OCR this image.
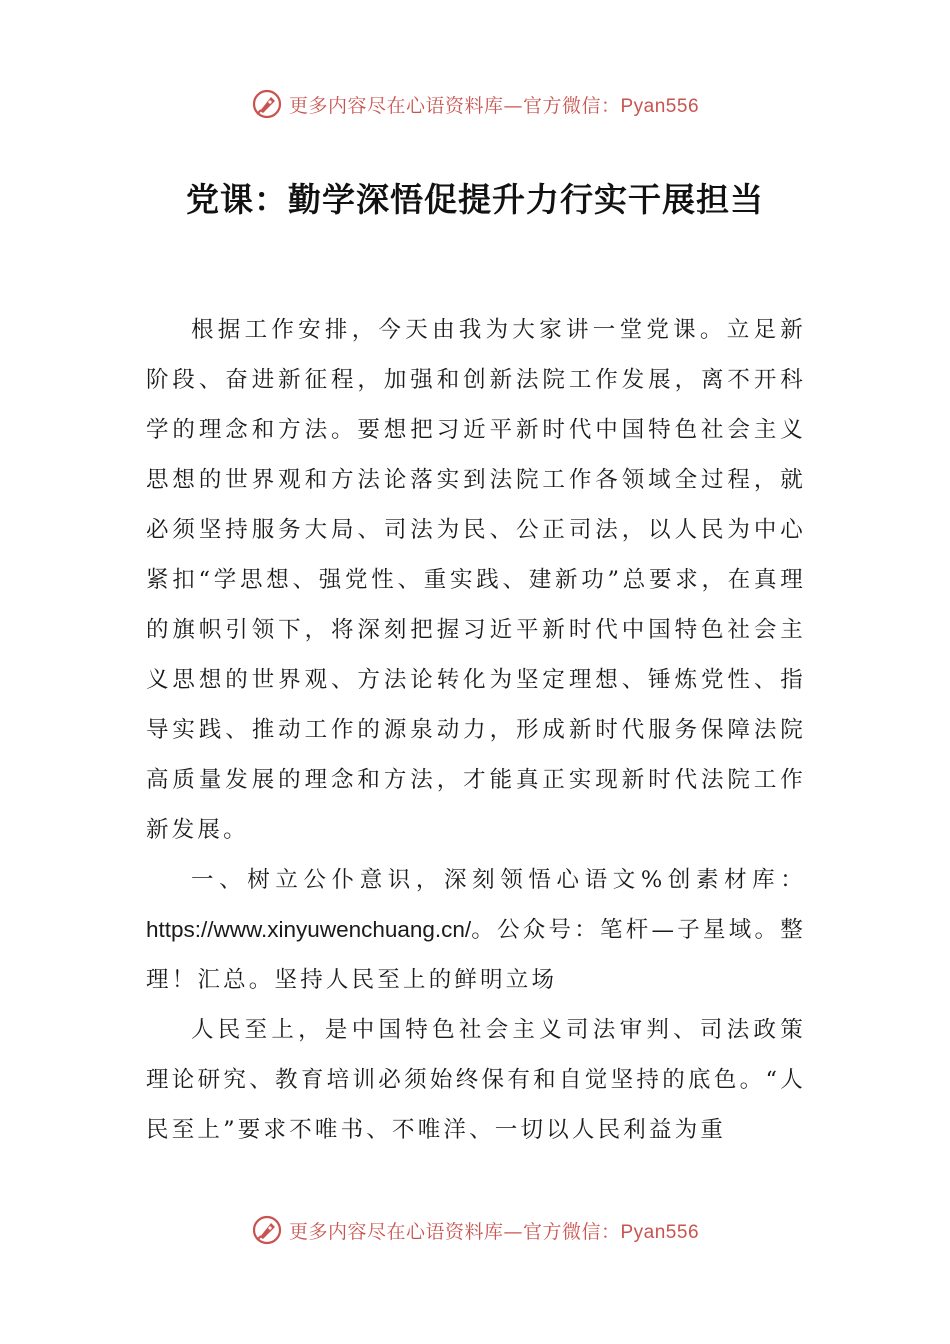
更多内容尽在心语资料库—官方微信：Pyan556
党课：勤学深悟促提升力行实干展担当

根据工作安排，今天由我为大家讲一堂党课。立足新阶段、奋进新征程，加强和创新法院工作发展，离不开科学的理念和方法。要想把习近平新时代中国特色社会主义思想的世界观和方法论落实到法院工作各领域全过程，就必须坚持服务大局、司法为民、公正司法，以人民为中心紧扣“学思想、强党性、重实践、建新功”总要求，在真理的旗帜引领下，将深刻把握习近平新时代中国特色社会主义思想的世界观、方法论转化为坚定理想、锤炼党性、指导实践、推动工作的源泉动力，形成新时代服务保障法院高质量发展的理念和方法，才能真正实现新时代法院工作新发展。

一、树立公仆意识，深刻领悟心语文%创素材库：https://www.xinyuwenchuang.cn/。公众号：笔杆—子星域。整理！汇总。坚持人民至上的鲜明立场

人民至上，是中国特色社会主义司法审判、司法政策理论研究、教育培训必须始终保有和自觉坚持的底色。“人民至上”要求不唯书、不唯洋、一切以人民利益为重

更多内容尽在心语资料库—官方微信：Pyan556
